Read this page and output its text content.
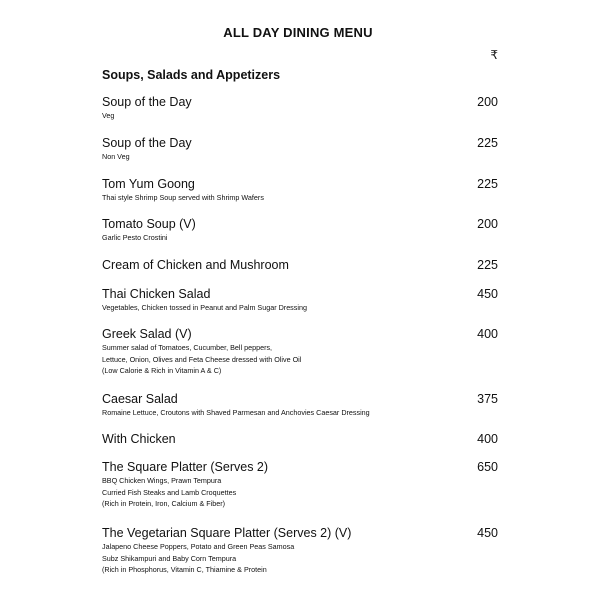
ALL DAY DINING MENU
₹
Soups, Salads and Appetizers
Soup of the Day
Veg
200
Soup of the Day
Non Veg
225
Tom Yum Goong
Thai style Shrimp Soup served with Shrimp Wafers
225
Tomato Soup (V)
Garlic Pesto Crostini
200
Cream of Chicken and Mushroom	225
Thai Chicken Salad
Vegetables, Chicken tossed in Peanut and Palm Sugar Dressing
450
Greek Salad (V)
Summer salad of Tomatoes, Cucumber, Bell peppers,
Lettuce, Onion, Olives and Feta Cheese dressed with Olive Oil
(Low Calorie & Rich in Vitamin A & C)
400
Caesar Salad
Romaine Lettuce, Croutons with Shaved Parmesan and Anchovies Caesar Dressing
375
With Chicken	400
The Square Platter (Serves 2)
BBQ Chicken Wings, Prawn Tempura
Curried Fish Steaks and Lamb Croquettes
(Rich in Protein, Iron, Calcium & Fiber)
650
The Vegetarian Square Platter (Serves 2) (V)
Jalapeno Cheese Poppers, Potato and Green Peas Samosa
Subz Shikampuri and Baby Corn Tempura
(Rich in Phosphorus, Vitamin C, Thiamine & Protein
450
